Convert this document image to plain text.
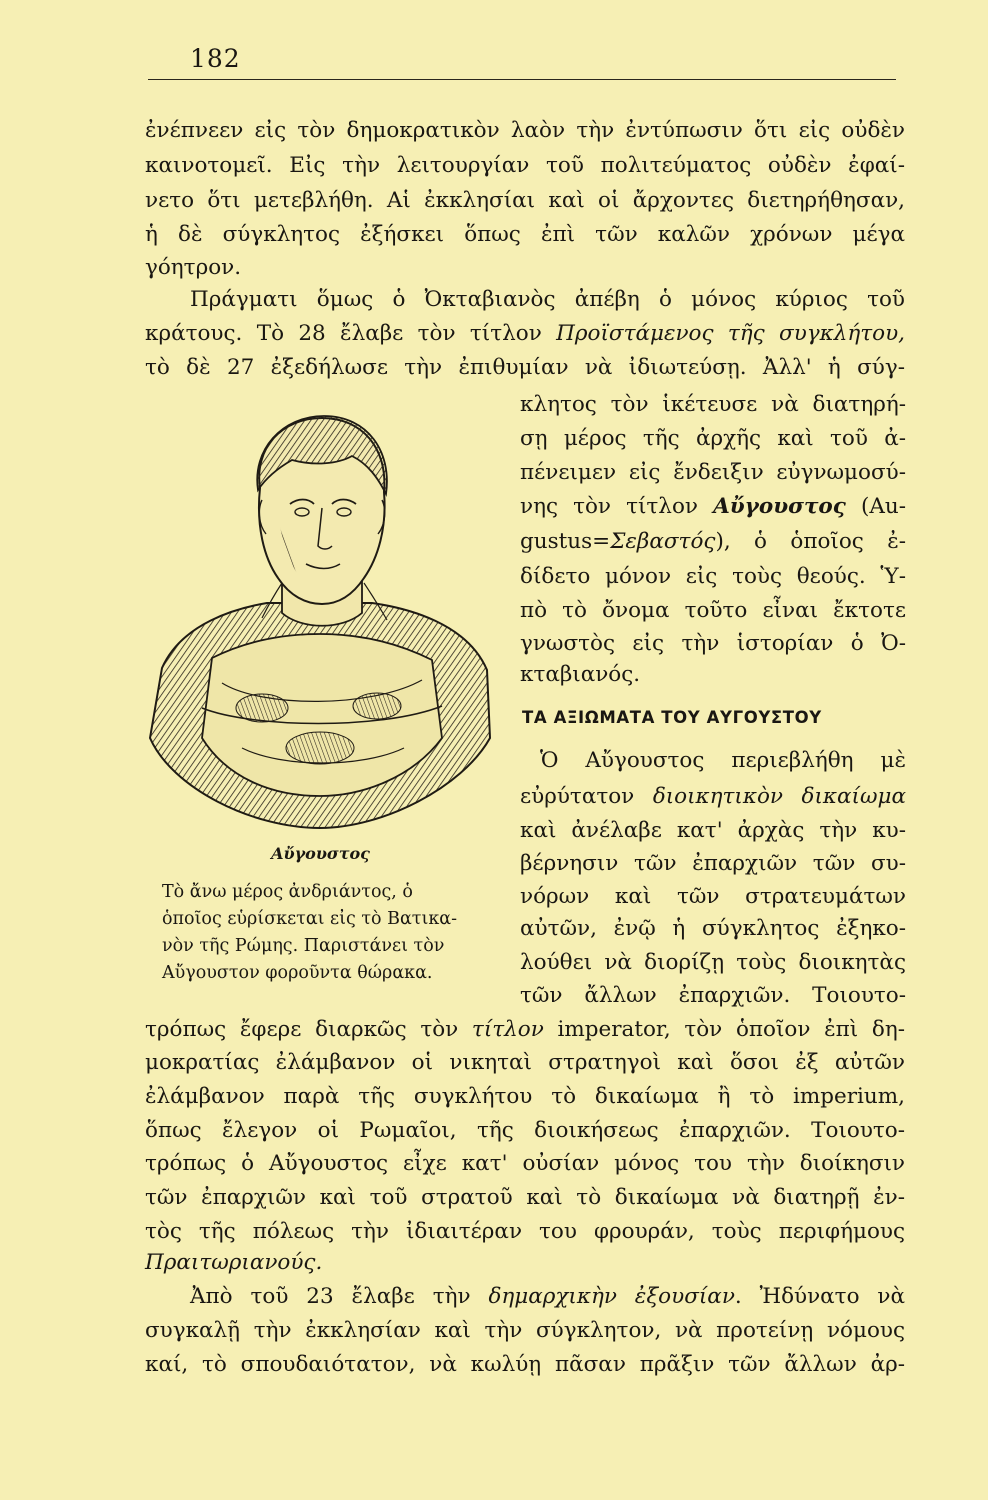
182
ἐνέπνεεν εἰς τὸν δημοκρατικὸν λαὸν τὴν ἐντύπωσιν ὅτι εἰς οὐδὲν
καινοτομεῖ. Εἰς τὴν λειτουργίαν τοῦ πολιτεύματος οὐδὲν ἐφαί-
νετο ὅτι μετεβλήθη. Αἱ ἐκκλησίαι καὶ οἱ ἄρχοντες διετηρήθησαν,
ἡ δὲ σύγκλητος ἐξήσκει ὅπως ἐπὶ τῶν καλῶν χρόνων μέγα
γόητρον.
Πράγματι ὅμως ὁ Ὀκταβιανὸς ἀπέβη ὁ μόνος κύριος τοῦ
κράτους. Τὸ 28 ἔλαβε τὸν τίτλον Προϊστάμενος τῆς συγκλήτου,
τὸ δὲ 27 ἐξεδήλωσε τὴν ἐπιθυμίαν νὰ ἰδιωτεύσῃ. Ἀλλ' ἡ σύγ-
κλητος τὸν ἱκέτευσε νὰ διατηρή-
σῃ μέρος τῆς ἀρχῆς καὶ τοῦ ἀ-
πένειμεν εἰς ἔνδειξιν εὐγνωμοσύ-
νης τὸν τίτλον Αὔγουστος (Au-
gustus=Σεβαστός), ὁ ὁποῖος ἐ-
δίδετο μόνον εἰς τοὺς θεούς. Ὑ-
πὸ τὸ ὄνομα τοῦτο εἶναι ἔκτοτε
γνωστὸς εἰς τὴν ἱστορίαν ὁ Ὀ-
κταβιανός.
ΤΑ ΑΞΙΩΜΑΤΑ ΤΟΥ ΑΥΓΟΥΣΤΟΥ
Ὁ Αὔγουστος περιεβλήθη μὲ
εὐρύτατον διοικητικὸν δικαίωμα
καὶ ἀνέλαβε κατ' ἀρχὰς τὴν κυ-
βέρνησιν τῶν ἐπαρχιῶν τῶν συ-
νόρων καὶ τῶν στρατευμάτων
αὐτῶν, ἐνῷ ἡ σύγκλητος ἐξηκο-
λούθει νὰ διορίζῃ τοὺς διοικητὰς
τῶν ἄλλων ἐπαρχιῶν. Τοιουτο-
Αὔγουστος
Τὸ ἄνω μέρος ἀνδριάντος, ὁ
ὁποῖος εὑρίσκεται εἰς τὸ Βατικα-
νὸν τῆς Ρώμης. Παριστάνει τὸν
Αὔγουστον φοροῦντα θώρακα.
τρόπως ἔφερε διαρκῶς τὸν τίτλον imperator, τὸν ὁποῖον ἐπὶ δη-
μοκρατίας ἐλάμβανον οἱ νικηταὶ στρατηγοὶ καὶ ὅσοι ἐξ αὐτῶν
ἐλάμβανον παρὰ τῆς συγκλήτου τὸ δικαίωμα ἢ τὸ imperium,
ὅπως ἔλεγον οἱ Ρωμαῖοι, τῆς διοικήσεως ἐπαρχιῶν. Τοιουτο-
τρόπως ὁ Αὔγουστος εἶχε κατ' οὐσίαν μόνος του τὴν διοίκησιν
τῶν ἐπαρχιῶν καὶ τοῦ στρατοῦ καὶ τὸ δικαίωμα νὰ διατηρῇ ἐν-
τὸς τῆς πόλεως τὴν ἰδιαιτέραν του φρουράν, τοὺς περιφήμους
Πραιτωριανούς.
Ἀπὸ τοῦ 23 ἔλαβε τὴν δημαρχικὴν ἐξουσίαν. Ἠδύνατο νὰ
συγκαλῇ τὴν ἐκκλησίαν καὶ τὴν σύγκλητον, νὰ προτείνῃ νόμους
καί, τὸ σπουδαιότατον, νὰ κωλύῃ πᾶσαν πρᾶξιν τῶν ἄλλων ἀρ-
